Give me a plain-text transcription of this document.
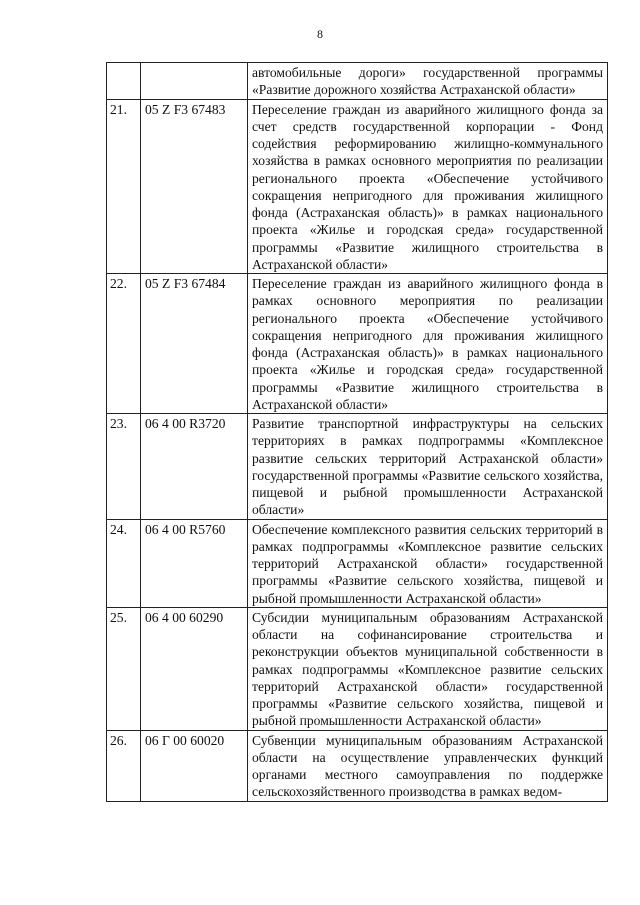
8
		автомобильные дороги» государственной программы «Развитие дорожного хозяйства Астраханской области»
21.	05 Z F3 67483	Переселение граждан из аварийного жилищного фонда за счет средств государственной корпорации - Фонд содействия реформированию жилищно-коммунального хозяйства в рамках основного мероприятия по реализации регионального проекта «Обеспечение устойчивого сокращения непригодного для проживания жилищного фонда (Астраханская область)» в рамках национального проекта «Жилье и городская среда» государственной программы «Развитие жилищного строительства в Астраханской области»
22.	05 Z F3 67484	Переселение граждан из аварийного жилищного фонда в рамках основного мероприятия по реализации регионального проекта «Обеспечение устойчивого сокращения непригодного для проживания жилищного фонда (Астраханская область)» в рамках национального проекта «Жилье и городская среда» государственной программы «Развитие жилищного строительства в Астраханской области»
23.	06 4 00 R3720	Развитие транспортной инфраструктуры на сельских территориях в рамках подпрограммы «Комплексное развитие сельских территорий Астраханской области» государственной программы «Развитие сельского хозяйства, пищевой и рыбной промышленности Астраханской области»
24.	06 4 00 R5760	Обеспечение комплексного развития сельских территорий в рамках подпрограммы «Комплексное развитие сельских территорий Астраханской области» государственной программы «Развитие сельского хозяйства, пищевой и рыбной промышленности Астраханской области»
25.	06 4 00 60290	Субсидии муниципальным образованиям Астраханской области на софинансирование строительства и реконструкции объектов муниципальной собственности в рамках подпрограммы «Комплексное развитие сельских территорий Астраханской области» государственной программы «Развитие сельского хозяйства, пищевой и рыбной промышленности Астраханской области»
26.	06 Г 00 60020	Субвенции муниципальным образованиям Астраханской области на осуществление управленческих функций органами местного самоуправления по поддержке сельскохозяйственного производства в рамках ведом-
